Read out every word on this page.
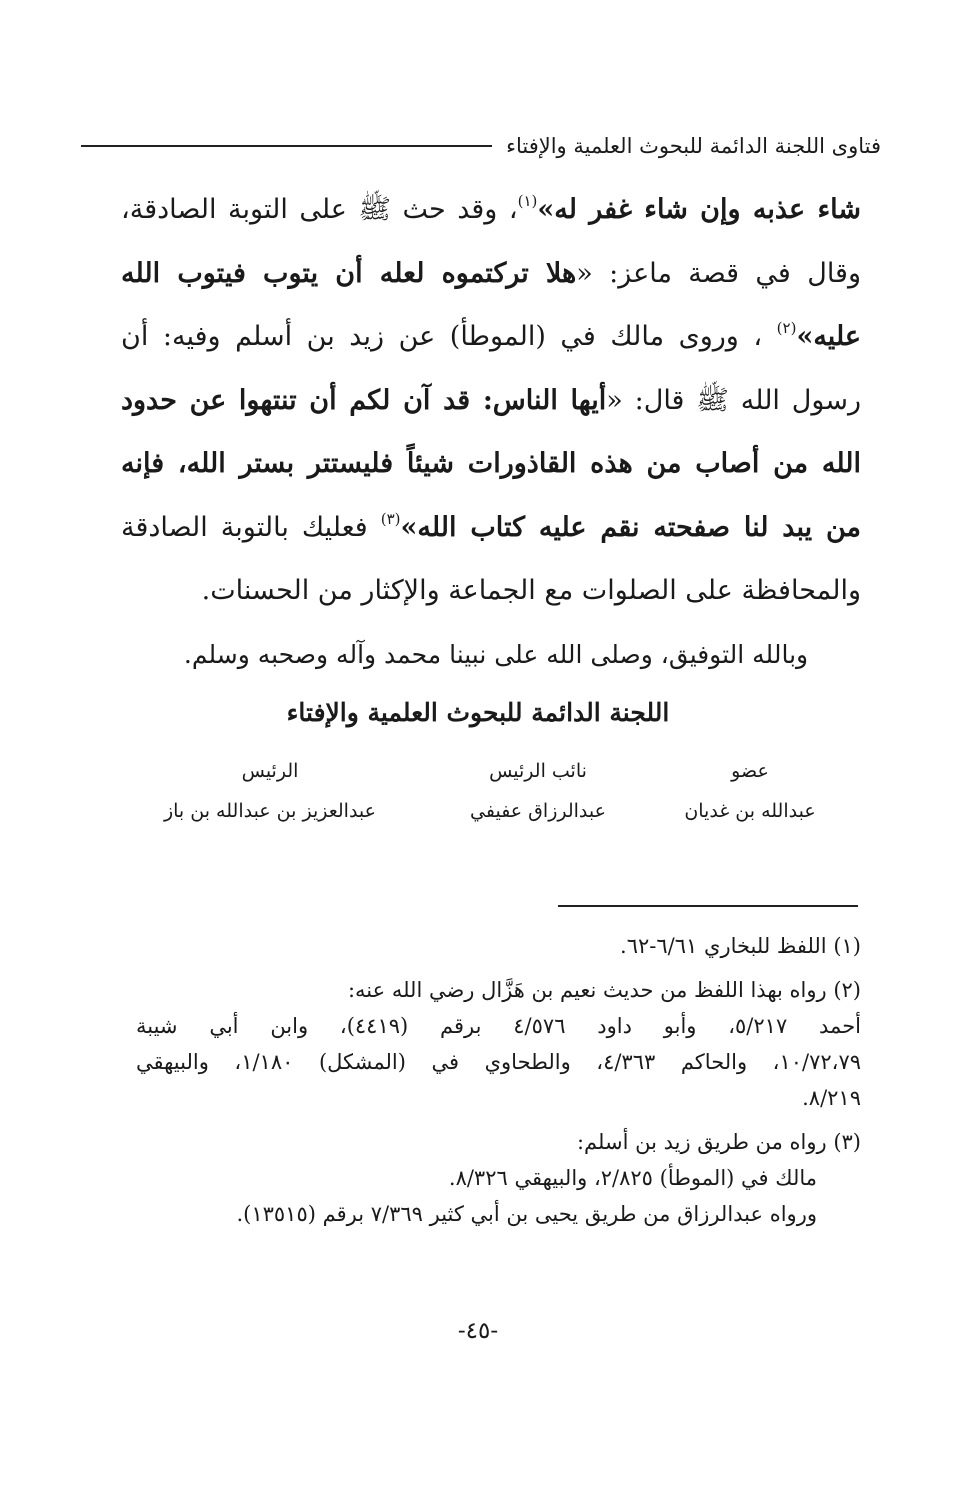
فتاوى اللجنة الدائمة للبحوث العلمية والإفتاء

شاء عذبه وإن شاء غفر له»$^{(١)}$، وقد حث ﷺ على التوبة الصادقة، وقال في قصة ماعز: «هلا تركتموه لعله أن يتوب فيتوب الله عليه»$^{(٢)}$ ، وروى مالك في (الموطأ) عن زيد بن أسلم وفيه: أن رسول الله ﷺ قال: «أيها الناس: قد آن لكم أن تنتهوا عن حدود الله من أصاب من هذه القاذورات شيئاً فليستتر بستر الله، فإنه من يبد لنا صفحته نقم عليه كتاب الله»$^{(٣)}$ فعليك بالتوبة الصادقة والمحافظة على الصلوات مع الجماعة والإكثار من الحسنات.

وبالله التوفيق، وصلى الله على نبينا محمد وآله وصحبه وسلم.
اللجنة الدائمة للبحوث العلمية والإفتاء
الرئيس
عبدالعزيز بن عبدالله بن باز
نائب الرئيس
عبدالرزاق عفيفي
عضو
عبدالله بن غديان
(١) اللفظ للبخاري ٦/٦١-٦٢.
(٢) رواه بهذا اللفظ من حديث نعيم بن هَزَّال رضي الله عنه:
أحمد ٥/٢١٧، وأبو داود ٤/٥٧٦ برقم (٤٤١٩)، وابن أبي شيبة
١٠/٧٢،٧٩، والحاكم ٤/٣٦٣، والطحاوي في (المشكل) ١/١٨٠، والبيهقي
٨/٢١٩.
(٣) رواه من طريق زيد بن أسلم:
مالك في (الموطأ) ٢/٨٢٥، والبيهقي ٨/٣٢٦.
ورواه عبدالرزاق من طريق يحيى بن أبي كثير ٧/٣٦٩ برقم (١٣٥١٥).
-٤٥-
